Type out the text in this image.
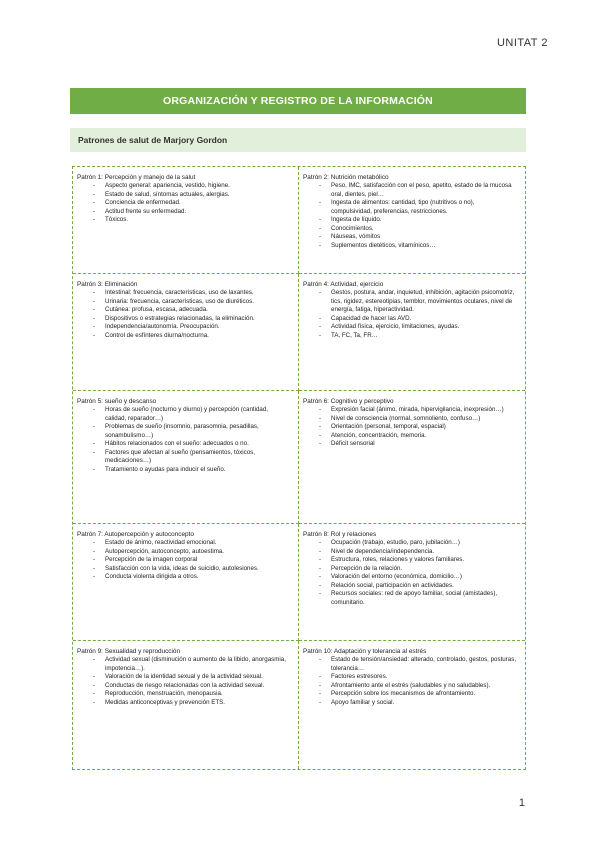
UNITAT 2
ORGANIZACIÓN Y REGISTRO DE LA INFORMACIÓN
Patrones de salut de Marjory Gordon
Patrón 1: Percepción y manejo de la salut
- Aspecto general: apariencia, vestido, higiene.
- Estado de salud, síntomas actuales, alergias.
- Conciencia de enfermedad.
- Actitud frente su enfermedad.
- Tóxicos.
Patrón 2: Nutrición metabólico
- Peso, IMC, satisfacción con el peso, apetito, estado de la mucosa oral, dientes, piel…
- Ingesta de alimentos: cantidad, tipo (nutritivos o no), compulsividad, preferencias, restricciones.
- Ingesta de líquido.
- Conocimientos.
- Náuseas, vómitos
- Suplementos dietéticos, vitamínicos…
Patrón 3: Eliminación
- Intestinal: frecuencia, características, uso de laxantes.
- Urinaria: frecuencia, características, uso de diuréticos.
- Cutánea: profusa, escasa, adecuada.
- Dispositivos o estrategias relacionadas, la eliminación.
- Independencia/autonomía. Preocupación.
- Control de esfínteres diurna/nocturna.
Patrón 4: Actividad, ejercicio
- Gestos, postura, andar, inquietud, inhibición, agitación psicomotriz, tics, rigidez, estereotipias, temblor, movimientos oculares, nivel de energía, fatiga, hiperactividad.
- Capacidad de hacer las AVD.
- Actividad física, ejercicio, limitaciones, ayudas.
- TA, FC, Ta, FR…
Patrón 5: sueño y descanso
- Horas de sueño (nocturno y diurno) y percepción (cantidad, calidad, reparador…)
- Problemas de sueño (insomnio, parasomnia, pesadillas, sonambulismo…)
- Hábitos relacionados con el sueño: adecuados o no.
- Factores que afectan al sueño (pensamientos, tóxicos, medicaciones…)
- Tratamiento o ayudas para inducir el sueño.
Patrón 6: Cognitivo y perceptivo
- Expresión facial (ánimo, mirada, hipervigilancia, inexpresión…)
- Nivel de consciencia (normal, somnoliento, confuso…)
- Orientación (personal, temporal, espacial)
- Atención, concentración, memoria.
- Déficit sensorial
Patrón 7: Autopercepción y autoconcepto
- Estado de ánimo, reactividad emocional.
- Autopercepción, autoconcepto, autoestima.
- Percepción de la imagen corporal
- Satisfacción con la vida, ideas de suicidio, autolesiones.
- Conducta violenta dirigida a otros.
Patrón 8: Rol y relaciones
- Ocupación (trabajo, estudio, paro, jubilación…)
- Nivel de dependencia/independencia.
- Estructura, roles, relaciones y valores familiares.
- Percepción de la relación.
- Valoración del entorno (económica, domicilio…)
- Relación social, participación en actividades.
- Recursos sociales: red de apoyo familiar, social (amistades), comunitario.
Patrón 9: Sexualidad y reproducción
- Actividad sexual (disminución o aumento de la libido, anorgasmia, impotencia…).
- Valoración de la identidad sexual y de la actividad sexual.
- Conductas de riesgo relacionadas con la actividad sexual.
- Reproducción, menstruación, menopausia.
- Medidas anticonceptivas y prevención ETS.
Patrón 10: Adaptación y tolerancia al estrés
- Estado de tensión/ansiedad: alterado, controlado, gestos, posturas, tolerancia…
- Factores estresores.
- Afrontamiento ante el estrés (saludables y no saludables).
- Percepción sobre los mecanismos de afrontamiento.
- Apoyo familiar y social.
1
